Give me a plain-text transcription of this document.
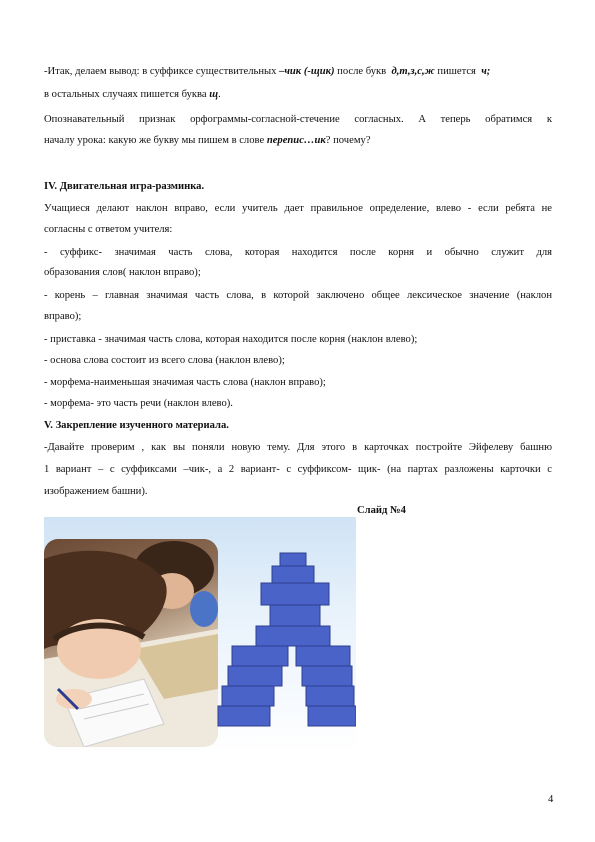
-Итак, делаем вывод: в суффиксе существительных –чик (-щик) после букв  д,т,з,с,ж пишется  ч;
в остальных случаях пишется буква щ.
Опознавательный признак орфограммы-согласной-стечение согласных. А теперь обратимся к
началу урока: какую же букву мы пишем в слове перепис…ик? почему?
IV. Двигательная игра-разминка.
Учащиеся делают наклон вправо, если учитель дает правильное определение, влево - если ребята не
согласны с ответом учителя:
- суффикс- значимая часть слова, которая находится после корня и обычно служит для
образования слов( наклон вправо);
- корень – главная значимая часть слова, в которой заключено общее лексическое значение (наклон
вправо);
- приставка - значимая часть слова, которая находится после корня (наклон влево);
- основа слова состоит из всего слова (наклон влево);
- морфема-наименьшая значимая часть слова (наклон вправо);
- морфема- это часть речи (наклон влево).
V. Закрепление изученного материала.
-Давайте проверим , как вы поняли новую тему. Для этого в карточках постройте Эйфелеву башню
1 вариант – с суффиксами –чик-, а 2 вариант- с суффиксом- щик- (на партах разложены карточки с
изображением башни).
Слайд №4
4
